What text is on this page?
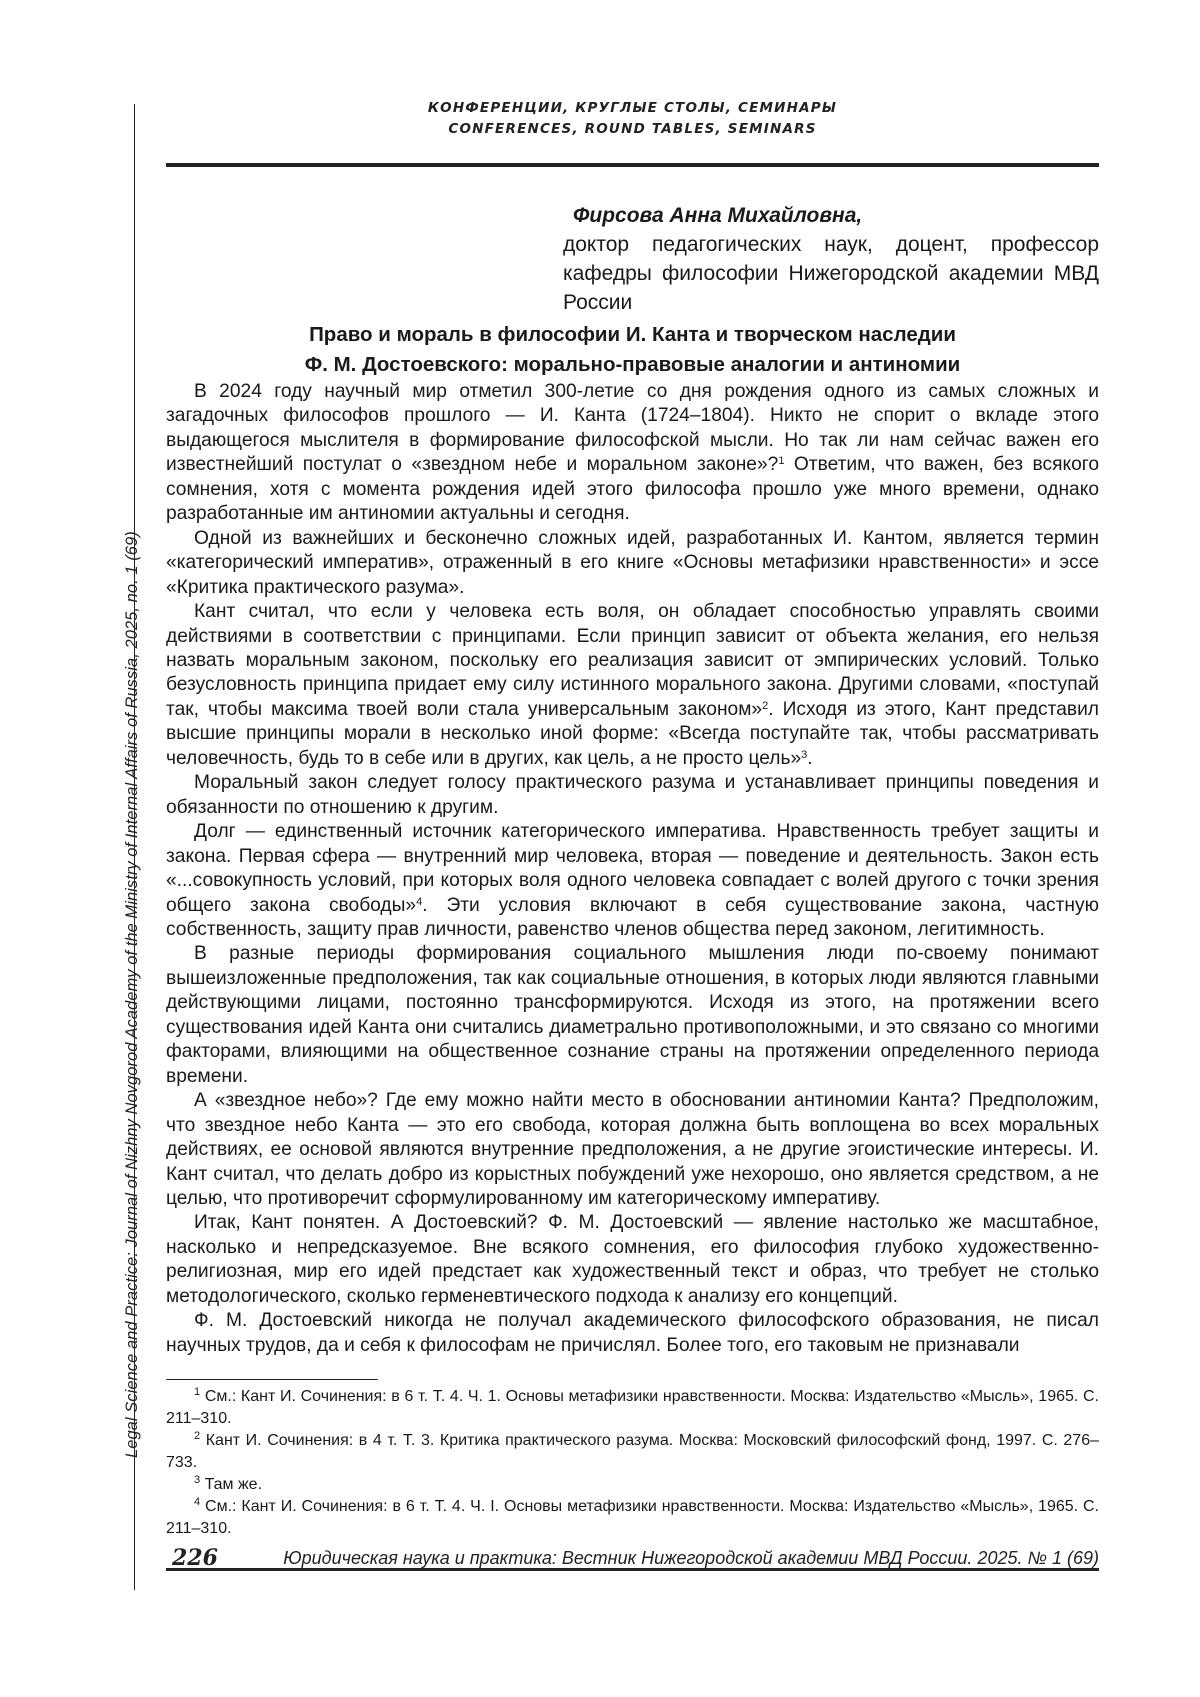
Legal Science and Practice: Journal of Nizhny Novgorod Academy of the Ministry of Internal Affairs of Russia, 2025, no. 1 (69)
КОНФЕРЕНЦИИ, КРУГЛЫЕ СТОЛЫ, СЕМИНАРЫ
CONFERENCES, ROUND TABLES, SEMINARS
Фирсова Анна Михайловна,
доктор педагогических наук, доцент, профессор кафедры философии Нижегородской академии МВД России
Право и мораль в философии И. Канта и творческом наследии
Ф. М. Достоевского: морально-правовые аналогии и антиномии

В 2024 году научный мир отметил 300-летие со дня рождения одного из самых сложных и загадочных философов прошлого — И. Канта (1724–1804). Никто не спорит о вкладе этого выдающегося мыслителя в формирование философской мысли. Но так ли нам сейчас важен его известнейший постулат о «звездном небе и моральном законе»?$^1$ Ответим, что важен, без всякого сомнения, хотя с момента рождения идей этого философа прошло уже много времени, однако разработанные им антиномии актуальны и сегодня.

Одной из важнейших и бесконечно сложных идей, разработанных И. Кантом, является термин «категорический императив», отраженный в его книге «Основы метафизики нравственности» и эссе «Критика практического разума».

Кант считал, что если у человека есть воля, он обладает способностью управлять своими действиями в соответствии с принципами. Если принцип зависит от объекта желания, его нельзя назвать моральным законом, поскольку его реализация зависит от эмпирических условий. Только безусловность принципа придает ему силу истинного морального закона. Другими словами, «поступай так, чтобы максима твоей воли стала универсальным законом»$^2$. Исходя из этого, Кант представил высшие принципы морали в несколько иной форме: «Всегда поступайте так, чтобы рассматривать человечность, будь то в себе или в других, как цель, а не просто цель»$^3$.

Моральный закон следует голосу практического разума и устанавливает принципы поведения и обязанности по отношению к другим.

Долг — единственный источник категорического императива. Нравственность требует защиты и закона. Первая сфера — внутренний мир человека, вторая — поведение и деятельность. Закон есть «...совокупность условий, при которых воля одного человека совпадает с волей другого с точки зрения общего закона свободы»$^4$. Эти условия включают в себя существование закона, частную собственность, защиту прав личности, равенство членов общества перед законом, легитимность.

В разные периоды формирования социального мышления люди по-своему понимают вышеизложенные предположения, так как социальные отношения, в которых люди являются главными действующими лицами, постоянно трансформируются. Исходя из этого, на протяжении всего существования идей Канта они считались диаметрально противоположными, и это связано со многими факторами, влияющими на общественное сознание страны на протяжении определенного периода времени.

А «звездное небо»? Где ему можно найти место в обосновании антиномии Канта? Предположим, что звездное небо Канта — это его свобода, которая должна быть воплощена во всех моральных действиях, ее основой являются внутренние предположения, а не другие эгоистические интересы. И. Кант считал, что делать добро из корыстных побуждений уже нехорошо, оно является средством, а не целью, что противоречит сформулированному им категорическому императиву.

Итак, Кант понятен. А Достоевский? Ф. М. Достоевский — явление настолько же масштабное, насколько и непредсказуемое. Вне всякого сомнения, его философия глубоко художественно-религиозная, мир его идей предстает как художественный текст и образ, что требует не столько методологического, сколько герменевтического подхода к анализу его концепций.

Ф. М. Достоевский никогда не получал академического философского образования, не писал научных трудов, да и себя к философам не причислял. Более того, его таковым не признавали

$^1$ См.: Кант И. Сочинения: в 6 т. Т. 4. Ч. 1. Основы метафизики нравственности. Москва: Издательство «Мысль», 1965. С. 211–310.

$^2$ Кант И. Сочинения: в 4 т. Т. 3. Критика практического разума. Москва: Московский философский фонд, 1997. С. 276–733.

$^3$ Там же.

$^4$ См.: Кант И. Сочинения: в 6 т. Т. 4. Ч. I. Основы метафизики нравственности. Москва: Издательство «Мысль», 1965. С. 211–310.

226	Юридическая наука и практика: Вестник Нижегородской академии МВД России. 2025. № 1 (69)
